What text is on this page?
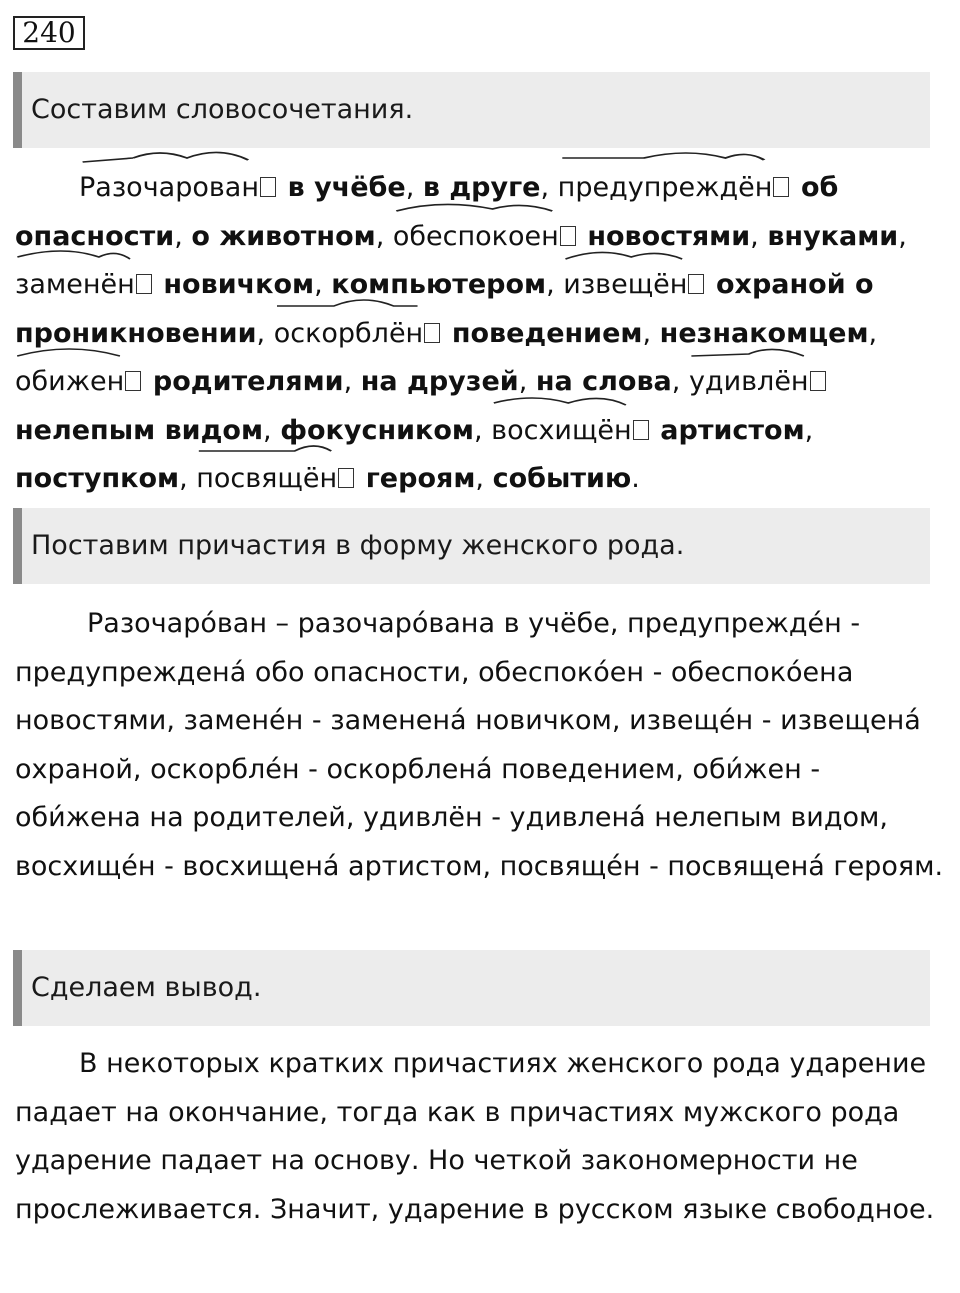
240
Составим словосочетания.
Разочарован в учёбе, в друге,
предупреждён об опасности, о животном,
обеспокоен новостями, внуками,
заменён новичком, компьютером,
извещён охраной о проникновении,
оскорблён поведением, незнакомцем,
обижен родителями, на друзей, на слова,
удивлён нелепым видом, фокусником,
восхищён артистом, поступком,
посвящён героям, событию.
Поставим причастия в форму женского рода.
Разочаро́ван – разочаро́вана в учёбе, предупрежде́н - предупреждена́ обо опасности, обеспоко́ен - обеспоко́ена новостями, замене́н - заменена́ новичком, извеще́н - извещена́ охраной, оскорбле́н - оскорблена́ поведением, оби́жен - оби́жена на родителей, удивлён - удивлена́ нелепым видом, восхище́н - восхищена́ артистом, посвяще́н - посвящена́ героям.
Сделаем вывод.
В некоторых кратких причастиях женского рода ударение падает на окончание, тогда как в причастиях мужского рода ударение падает на основу. Но четкой закономерности не прослеживается. Значит, ударение в русском языке свободное.
